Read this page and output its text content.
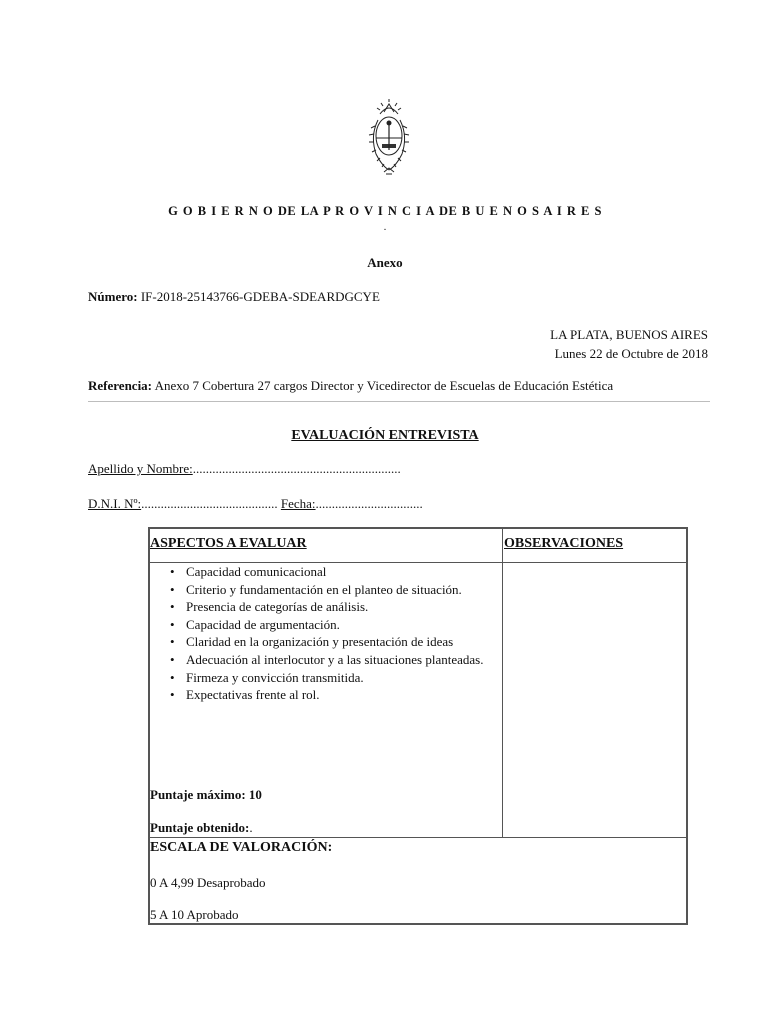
G O B I E R N O DE LA P R O V I N C I A DE B U E N O S A I R E S
.
Anexo
Número: IF-2018-25143766-GDEBA-SDEARDGCYE
LA PLATA, BUENOS AIRES
Lunes 22 de Octubre de 2018
Referencia: Anexo 7 Cobertura 27 cargos Director y Vicedirector de Escuelas de Educación Estética
EVALUACIÓN ENTREVISTA
Apellido y Nombre:................................................................
D.N.I. Nº:.......................................... Fecha:.................................
ASPECTOS A EVALUAR	OBSERVACIONES
• Capacidad comunicacional
• Criterio y fundamentación en el planteo de situación.
• Presencia de categorías de análisis.
• Capacidad de argumentación.
• Claridad en la organización y presentación de ideas
• Adecuación al interlocutor y a las situaciones planteadas.
• Firmeza y convicción transmitida.
• Expectativas frente al rol.
Puntaje máximo: 10
Puntaje obtenido:.
ESCALA DE VALORACIÓN:
0 A 4,99 Desaprobado
5 A 10 Aprobado
